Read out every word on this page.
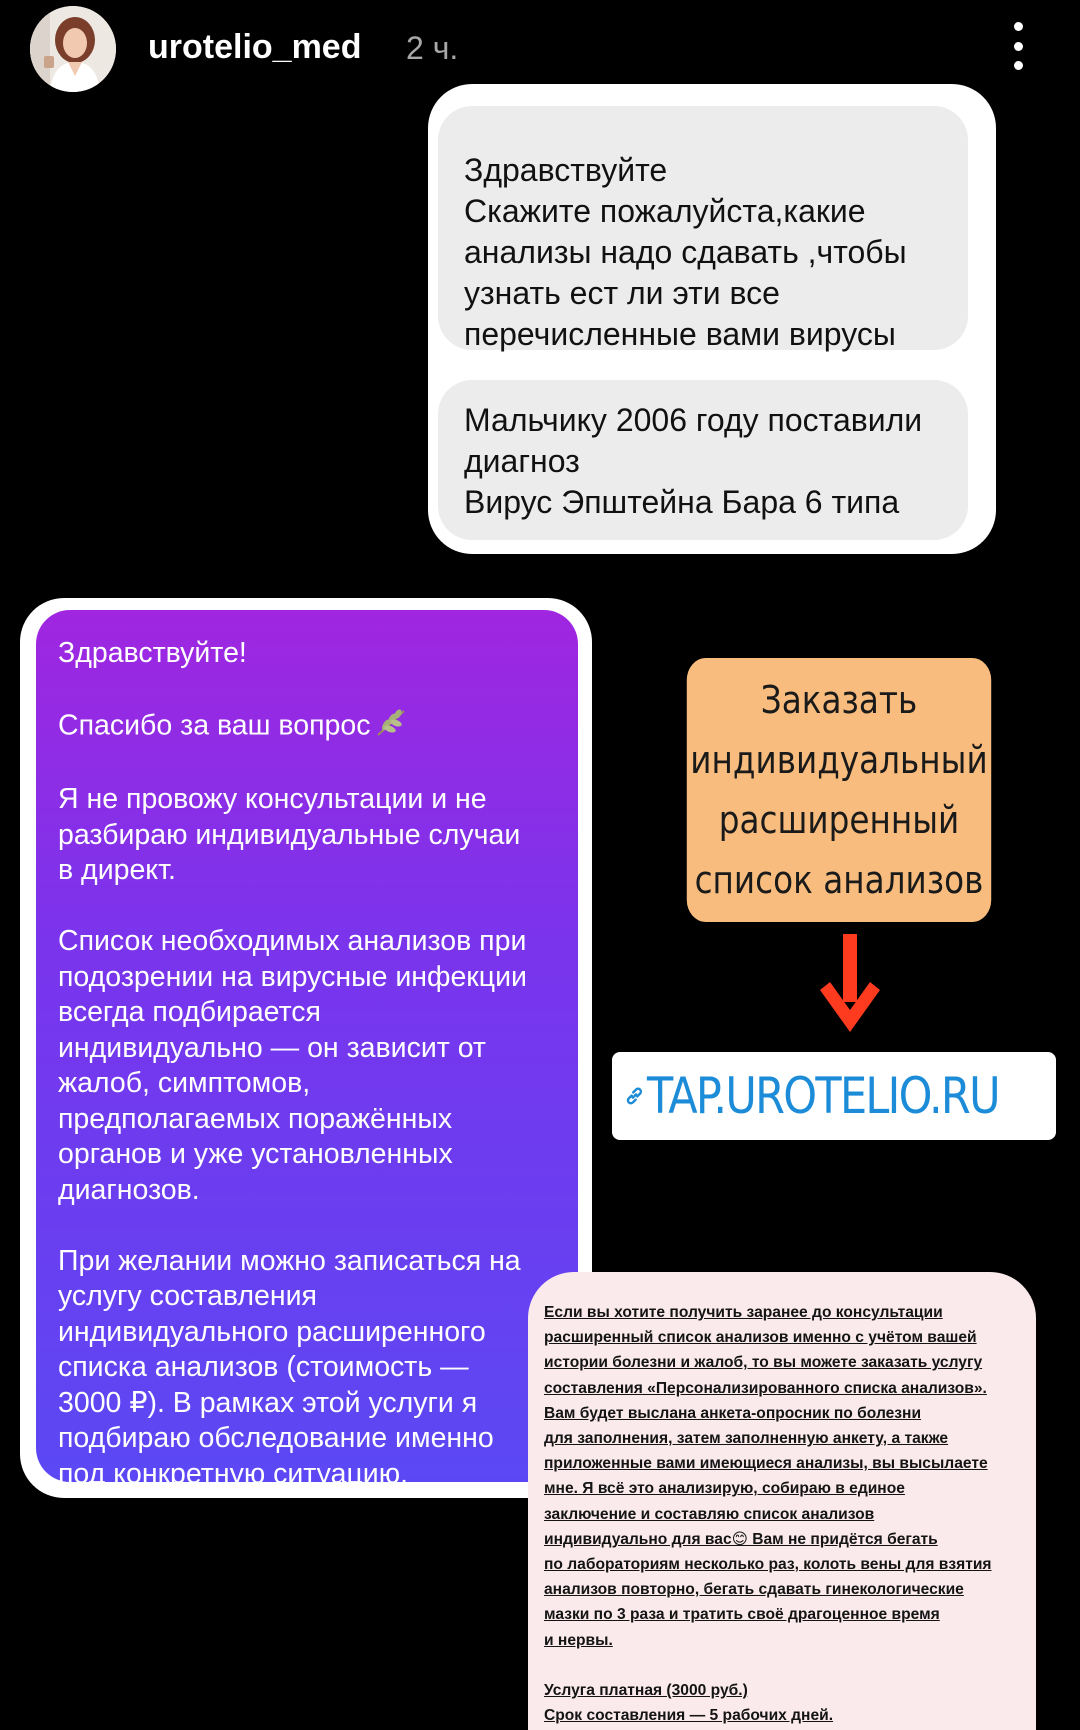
urotelio_med 2 ч.
Здравствуйте
Скажите пожалуйста,какие
анализы надо сдавать ,чтобы
узнать ест ли эти все
перечисленные вами вирусы
Мальчику 2006 году поставили
диагноз
Вирус Эпштейна Бара 6 типа

Здравствуйте!

Спасибо за ваш вопрос

Я не провожу консультации и не
разбираю индивидуальные случаи
в директ.

Список необходимых анализов при
подозрении на вирусные инфекции
всегда подбирается
индивидуально — он зависит от
жалоб, симптомов,
предполагаемых поражённых
органов и уже установленных
диагнозов.

При желании можно записаться на
услугу составления
индивидуального расширенного
списка анализов (стоимость —
3000 ₽). В рамках этой услуги я
подбираю обследование именно
под конкретную ситуацию.

Заказать
индивидуальный
расширенный
список анализов
TAP.UROTELIO.RU
Если вы хотите получить заранее до консультации
расширенный список анализов именно с учётом вашей
истории болезни и жалоб, то вы можете заказать услугу
составления «Персонализированного списка анализов».
Вам будет выслана анкета-опросник по болезни
для заполнения, затем заполненную анкету, а также
приложенные вами имеющиеся анализы, вы высылаете
мне. Я всё это анализирую, собираю в единое
заключение и составляю список анализов
индивидуально для вас😊 Вам не придётся бегать
по лабораториям несколько раз, колоть вены для взятия
анализов повторно, бегать сдавать гинекологические
мазки по 3 раза и тратить своё драгоценное время
и нервы.
Услуга платная (3000 руб.)
Срок составления — 5 рабочих дней.
